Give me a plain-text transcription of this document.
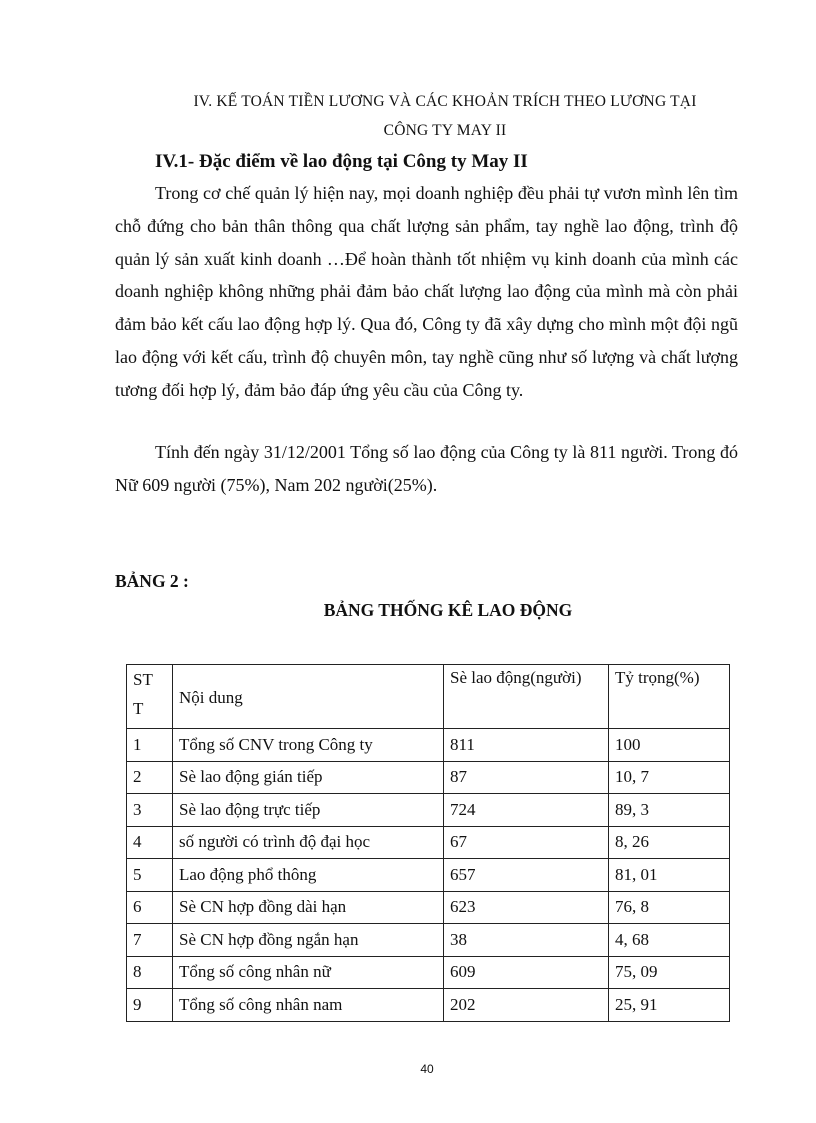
IV. KẾ TOÁN TIỀN LƯƠNG VÀ CÁC KHOẢN TRÍCH THEO LƯƠNG TẠI
CÔNG TY MAY II
IV.1- Đặc điểm về lao động tại Công ty May II

Trong cơ chế quản lý hiện nay, mọi doanh nghiệp đều phải tự vươn mình lên tìm chỗ đứng cho bản thân thông qua chất lượng sản phẩm, tay nghề lao động, trình độ quản lý sản xuất kinh doanh …Để hoàn thành tốt nhiệm vụ kinh doanh của mình các doanh nghiệp không những phải đảm bảo chất lượng lao động của mình mà còn phải đảm bảo kết cấu lao động hợp lý. Qua đó, Công ty đã xây dựng cho mình một đội ngũ lao động với kết cấu, trình độ chuyên môn, tay nghề cũng như số lượng và chất lượng tương đối hợp lý, đảm bảo đáp ứng yêu cầu của Công ty.

Tính đến ngày 31/12/2001 Tổng số lao động của Công ty là 811 người. Trong đó Nữ 609 người (75%), Nam 202 người(25%).

BẢNG 2 :
BẢNG THỐNG KÊ LAO ĐỘNG
ST T	Nội dung	Sè lao động(người)	Tỷ trọng(%)
1	Tổng số CNV trong Công ty	811	100
2	Sè lao động gián tiếp	87	10, 7
3	Sè lao động trực tiếp	724	89, 3
4	số người có trình độ đại học	67	8, 26
5	Lao động phổ thông	657	81, 01
6	Sè CN hợp đồng dài hạn	623	76, 8
7	Sè CN hợp đồng ngắn hạn	38	4, 68
8	Tổng số công nhân nữ	609	75, 09
9	Tổng số công nhân nam	202	25, 91
40
